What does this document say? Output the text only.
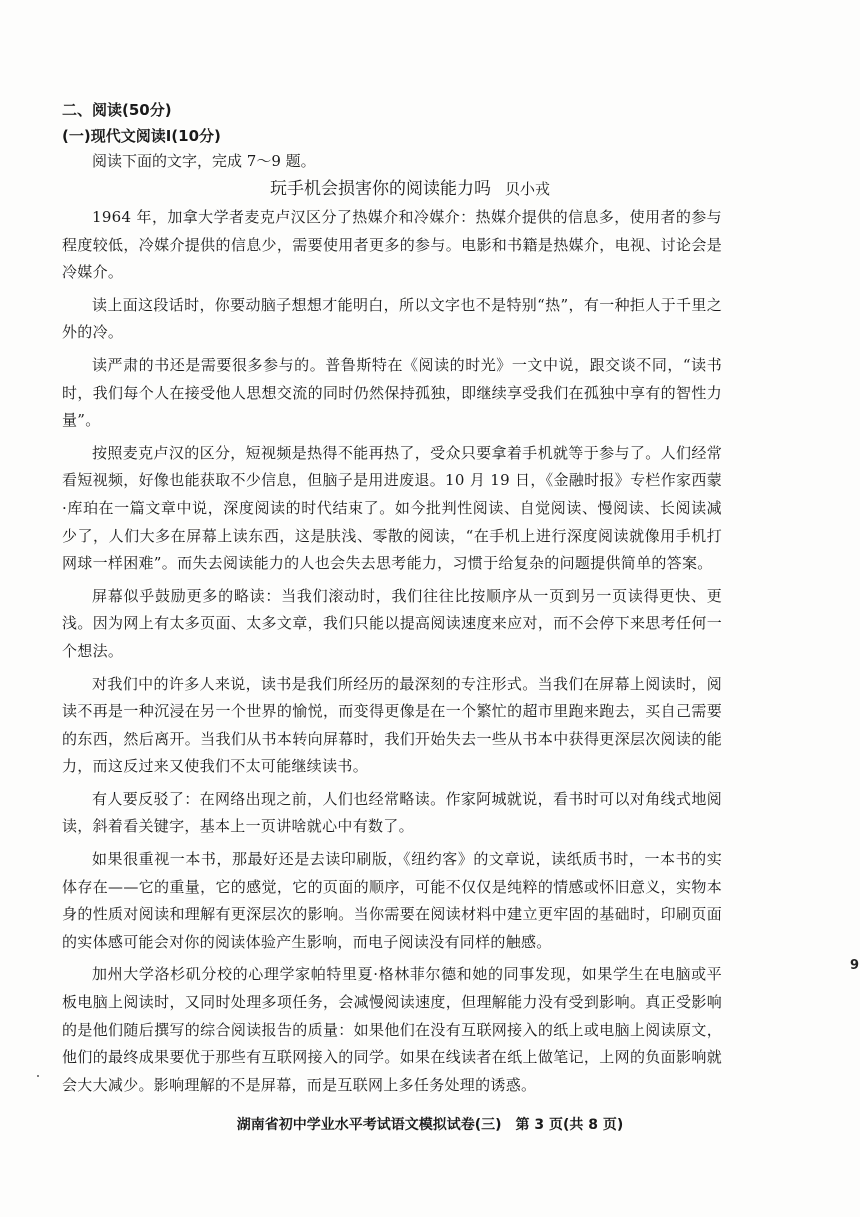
二、阅读(50分)

(一)现代文阅读Ⅰ(10分)

阅读下面的文字，完成 7～9 题。

玩手机会损害你的阅读能力吗 贝小戎

1964 年，加拿大学者麦克卢汉区分了热媒介和冷媒介：热媒介提供的信息多，使用者的参与程度较低，冷媒介提供的信息少，需要使用者更多的参与。电影和书籍是热媒介，电视、讨论会是冷媒介。

读上面这段话时，你要动脑子想想才能明白，所以文字也不是特别“热”，有一种拒人于千里之外的冷。

读严肃的书还是需要很多参与的。普鲁斯特在《阅读的时光》一文中说，跟交谈不同，“读书时，我们每个人在接受他人思想交流的同时仍然保持孤独，即继续享受我们在孤独中享有的智性力量”。

按照麦克卢汉的区分，短视频是热得不能再热了，受众只要拿着手机就等于参与了。人们经常看短视频，好像也能获取不少信息，但脑子是用进废退。10 月 19 日，《金融时报》专栏作家西蒙·库珀在一篇文章中说，深度阅读的时代结束了。如今批判性阅读、自觉阅读、慢阅读、长阅读减少了，人们大多在屏幕上读东西，这是肤浅、零散的阅读，“在手机上进行深度阅读就像用手机打网球一样困难”。而失去阅读能力的人也会失去思考能力，习惯于给复杂的问题提供简单的答案。

屏幕似乎鼓励更多的略读：当我们滚动时，我们往往比按顺序从一页到另一页读得更快、更浅。因为网上有太多页面、太多文章，我们只能以提高阅读速度来应对，而不会停下来思考任何一个想法。

对我们中的许多人来说，读书是我们所经历的最深刻的专注形式。当我们在屏幕上阅读时，阅读不再是一种沉浸在另一个世界的愉悦，而变得更像是在一个繁忙的超市里跑来跑去，买自己需要的东西，然后离开。当我们从书本转向屏幕时，我们开始失去一些从书本中获得更深层次阅读的能力，而这反过来又使我们不太可能继续读书。

有人要反驳了：在网络出现之前，人们也经常略读。作家阿城就说，看书时可以对角线式地阅读，斜着看关键字，基本上一页讲啥就心中有数了。

如果很重视一本书，那最好还是去读印刷版，《纽约客》的文章说，读纸质书时，一本书的实体存在——它的重量，它的感觉，它的页面的顺序，可能不仅仅是纯粹的情感或怀旧意义，实物本身的性质对阅读和理解有更深层次的影响。当你需要在阅读材料中建立更牢固的基础时，印刷页面的实体感可能会对你的阅读体验产生影响，而电子阅读没有同样的触感。

加州大学洛杉矶分校的心理学家帕特里夏·格林菲尔德和她的同事发现，如果学生在电脑或平板电脑上阅读时，又同时处理多项任务，会减慢阅读速度，但理解能力没有受到影响。真正受影响的是他们随后撰写的综合阅读报告的质量：如果他们在没有互联网接入的纸上或电脑上阅读原文，他们的最终成果要优于那些有互联网接入的同学。如果在线读者在纸上做笔记，上网的负面影响就会大大减少。影响理解的不是屏幕，而是互联网上多任务处理的诱惑。

9
湖南省初中学业水平考试语文模拟试卷(三)　第 3 页(共 8 页)
